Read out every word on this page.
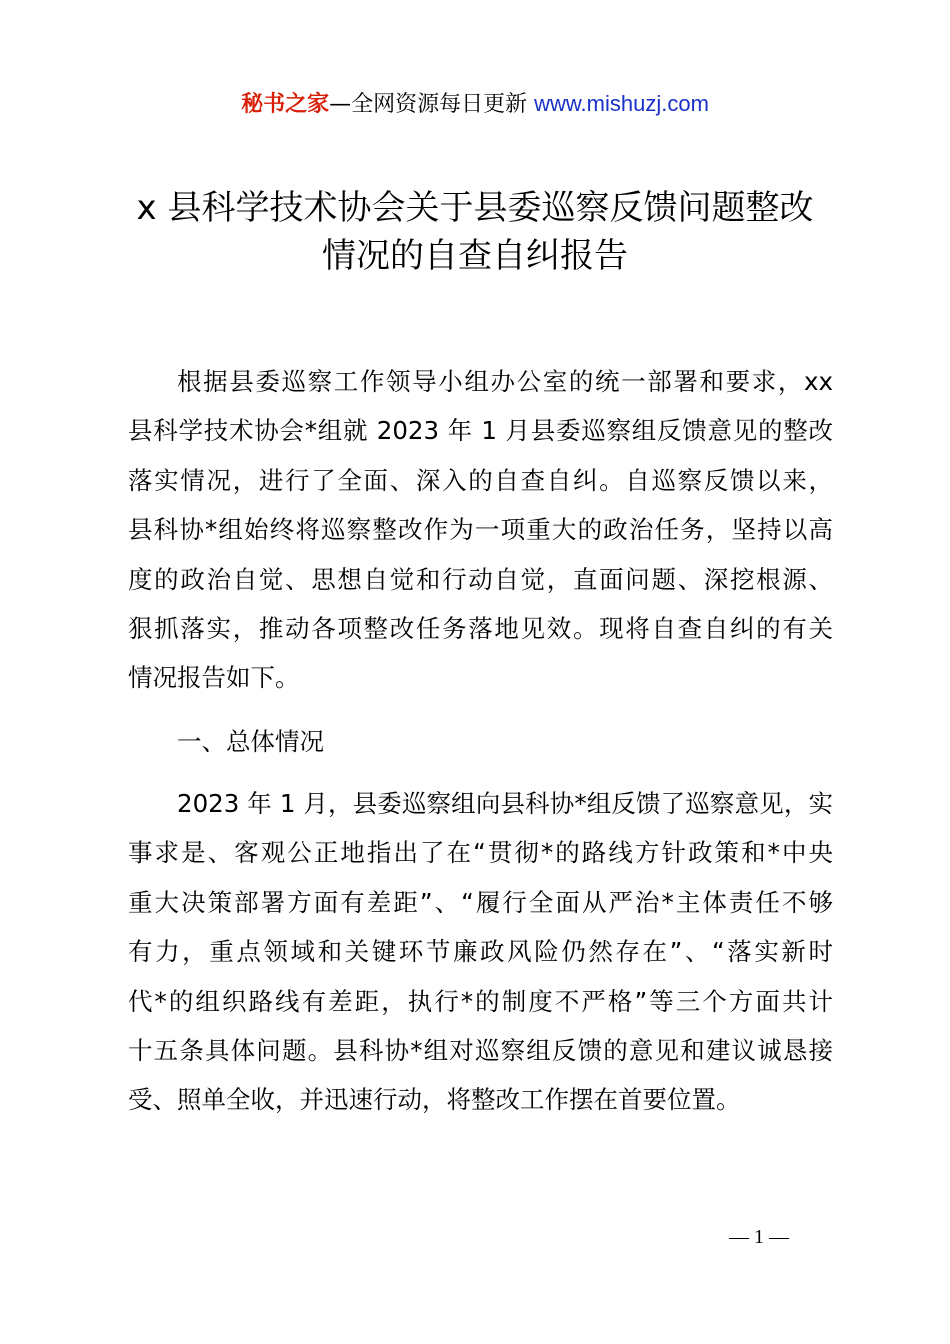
秘书之家—全网资源每日更新 www.mishuzj.com
x 县科学技术协会关于县委巡察反馈问题整改
情况的自查自纠报告
根据县委巡察工作领导小组办公室的统一部署和要求，xx
县科学技术协会*组就 2023 年 1 月县委巡察组反馈意见的整改
落实情况，进行了全面、深入的自查自纠。自巡察反馈以来，
县科协*组始终将巡察整改作为一项重大的政治任务，坚持以高
度的政治自觉、思想自觉和行动自觉，直面问题、深挖根源、
狠抓落实，推动各项整改任务落地见效。现将自查自纠的有关
情况报告如下。
一、总体情况
2023 年 1 月，县委巡察组向县科协*组反馈了巡察意见，实
事求是、客观公正地指出了在“贯彻*的路线方针政策和*中央
重大决策部署方面有差距”、“履行全面从严治*主体责任不够
有力，重点领域和关键环节廉政风险仍然存在”、“落实新时
代*的组织路线有差距，执行*的制度不严格”等三个方面共计
十五条具体问题。县科协*组对巡察组反馈的意见和建议诚恳接
受、照单全收，并迅速行动，将整改工作摆在首要位置。
— 1 —
